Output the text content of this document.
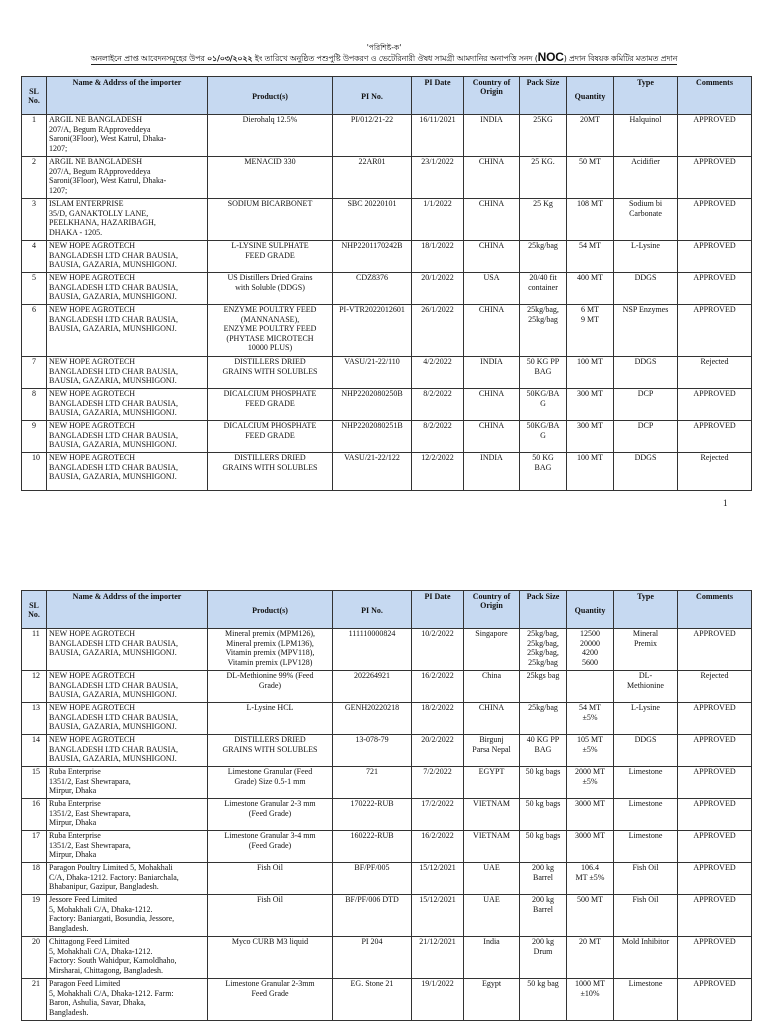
'পরিশিষ্ট-ক'
অনলাইনে প্রাপ্ত আবেদনসমূহের উপর ০১/০৩/২০২২ ইং তারিখে অনুষ্ঠিত পশুপুষ্টি উপকরণ ও ভেটেরিনারী ঔষধ সামগ্রী আমদানির অনাপত্তি সনদ (NOC) প্রদান বিষয়ক কমিটির মতামত প্রদান
SL No.	Name & Addrss of the importer	Product(s)	PI No.	PI Date	Country of Origin	Pack Size	Quantity	Type	Comments
1	ARGIL NE BANGLADESH
207/A, Begum RApproveddeya
Saroni(3Floor), West Katrul, Dhaka-
1207;	Dierohalq 12.5%	PI/012/21-22	16/11/2021	INDIA	25KG	20MT	Halquinol	APPROVED
2	ARGIL NE BANGLADESH
207/A, Begum RApproveddeya
Saroni(3Floor), West Katrul, Dhaka-
1207;	MENACID 330	22AR01	23/1/2022	CHINA	25 KG.	50 MT	Acidifier	APPROVED
3	ISLAM ENTERPRISE
35/D, GANAKTOLLY LANE,
PEELKHANA, HAZARIBAGH,
DHAKA - 1205.	SODIUM BICARBONET	SBC 20220101	1/1/2022	CHINA	25 Kg	108 MT	Sodium bi
Carbonate	APPROVED
4	NEW HOPE AGROTECH
BANGLADESH LTD CHAR BAUSIA,
BAUSIA, GAZARIA, MUNSHIGONJ.	L-LYSINE SULPHATE
FEED GRADE	NHP2201170242B	18/1/2022	CHINA	25kg/bag	54 MT	L-Lysine	APPROVED
5	NEW HOPE AGROTECH
BANGLADESH LTD CHAR BAUSIA,
BAUSIA, GAZARIA, MUNSHIGONJ.	US Distillers Dried Grains
with Soluble (DDGS)	CDZ8376	20/1/2022	USA	20/40 fit
container	400 MT	DDGS	APPROVED
6	NEW HOPE AGROTECH
BANGLADESH LTD CHAR BAUSIA,
BAUSIA, GAZARIA, MUNSHIGONJ.	ENZYME POULTRY FEED
(MANNANASE),
ENZYME POULTRY FEED
(PHYTASE MICROTECH
10000 PLUS)	PI-VTR2022012601	26/1/2022	CHINA	25kg/bag,
25kg/bag	6 MT
9 MT	NSP Enzymes	APPROVED
7	NEW HOPE AGROTECH
BANGLADESH LTD CHAR BAUSIA,
BAUSIA, GAZARIA, MUNSHIGONJ.	DISTILLERS DRIED
GRAINS WITH SOLUBLES	VASU/21-22/110	4/2/2022	INDIA	50 KG PP
BAG	100 MT	DDGS	Rejected
8	NEW HOPE AGROTECH
BANGLADESH LTD CHAR BAUSIA,
BAUSIA, GAZARIA, MUNSHIGONJ.	DICALCIUM PHOSPHATE
FEED GRADE	NHP2202080250B	8/2/2022	CHINA	50KG/BA
G	300 MT	DCP	APPROVED
9	NEW HOPE AGROTECH
BANGLADESH LTD CHAR BAUSIA,
BAUSIA, GAZARIA, MUNSHIGONJ.	DICALCIUM PHOSPHATE
FEED GRADE	NHP2202080251B	8/2/2022	CHINA	50KG/BA
G	300 MT	DCP	APPROVED
10	NEW HOPE AGROTECH
BANGLADESH LTD CHAR BAUSIA,
BAUSIA, GAZARIA, MUNSHIGONJ.	DISTILLERS DRIED
GRAINS WITH SOLUBLES	VASU/21-22/122	12/2/2022	INDIA	50 KG
BAG	100 MT	DDGS	Rejected
1
SL No.	Name & Addrss of the importer	Product(s)	PI No.	PI Date	Country of Origin	Pack Size	Quantity	Type	Comments
11	NEW HOPE AGROTECH
BANGLADESH LTD CHAR BAUSIA,
BAUSIA, GAZARIA, MUNSHIGONJ.	Mineral premix (MPM126),
Mineral premix (LPM136),
Vitamin premix (MPV118),
Vitamin premix (LPV128)	111110000824	10/2/2022	Singapore	25kg/bag,
25kg/bag,
25kg/bag,
25kg/bag	12500
20000
4200
5600	Mineral
Premix	APPROVED
12	NEW HOPE AGROTECH
BANGLADESH LTD CHAR BAUSIA,
BAUSIA, GAZARIA, MUNSHIGONJ.	DL-Methionine 99% (Feed
Grade)	202264921	16/2/2022	China	25kgs bag		DL-
Methionine	Rejected
13	NEW HOPE AGROTECH
BANGLADESH LTD CHAR BAUSIA,
BAUSIA, GAZARIA, MUNSHIGONJ.	L-Lysine HCL	GENH20220218	18/2/2022	CHINA	25kg/bag	54 MT
±5%	L-Lysine	APPROVED
14	NEW HOPE AGROTECH
BANGLADESH LTD CHAR BAUSIA,
BAUSIA, GAZARIA, MUNSHIGONJ.	DISTILLERS DRIED
GRAINS WITH SOLUBLES	13-078-79	20/2/2022	Birgunj
Parsa Nepal	40 KG PP
BAG	105 MT
±5%	DDGS	APPROVED
15	Ruba Enterprise
1351/2, East Shewrapara,
Mirpur, Dhaka	Limestone Granular (Feed
Grade) Size 0.5-1 mm	721	7/2/2022	EGYPT	50 kg bags	2000 MT
±5%	Limestone	APPROVED
16	Ruba Enterprise
1351/2, East Shewrapara,
Mirpur, Dhaka	Limestone Granular 2-3 mm
(Feed Grade)	170222-RUB	17/2/2022	VIETNAM	50 kg bags	3000 MT	Limestone	APPROVED
17	Ruba Enterprise
1351/2, East Shewrapara,
Mirpur, Dhaka	Limestone Granular 3-4 mm
(Feed Grade)	160222-RUB	16/2/2022	VIETNAM	50 kg bags	3000 MT	Limestone	APPROVED
18	Paragon Poultry Limited 5, Mohakhali
C/A, Dhaka-1212. Factory: Baniarchala,
Bhabanipur, Gazipur, Bangladesh.	Fish Oil	BF/PF/005	15/12/2021	UAE	200 kg
Barrel	106.4
MT ±5%	Fish Oil	APPROVED
19	Jessore Feed Limited
5, Mohakhali C/A, Dhaka-1212.
Factory: Baniargati, Bosundia, Jessore,
Bangladesh.	Fish Oil	BF/PF/006 DTD	15/12/2021	UAE	200 kg
Barrel	500 MT	Fish Oil	APPROVED
20	Chittagong Feed Limited
5, Mohakhali C/A, Dhaka-1212.
Factory: South Wahidpur, Kamoldhaho,
Mirsharai, Chittagong, Bangladesh.	Myco CURB M3 liquid	PI 204	21/12/2021	India	200 kg
Drum	20 MT	Mold Inhibitor	APPROVED
21	Paragon Feed Limited
5, Mohakhali C/A, Dhaka-1212. Farm:
Baron, Ashulia, Savar, Dhaka,
Bangladesh.	Limestone Granular 2-3mm
Feed Grade	EG. Stone 21	19/1/2022	Egypt	50 kg bag	1000 MT
±10%	Limestone	APPROVED
